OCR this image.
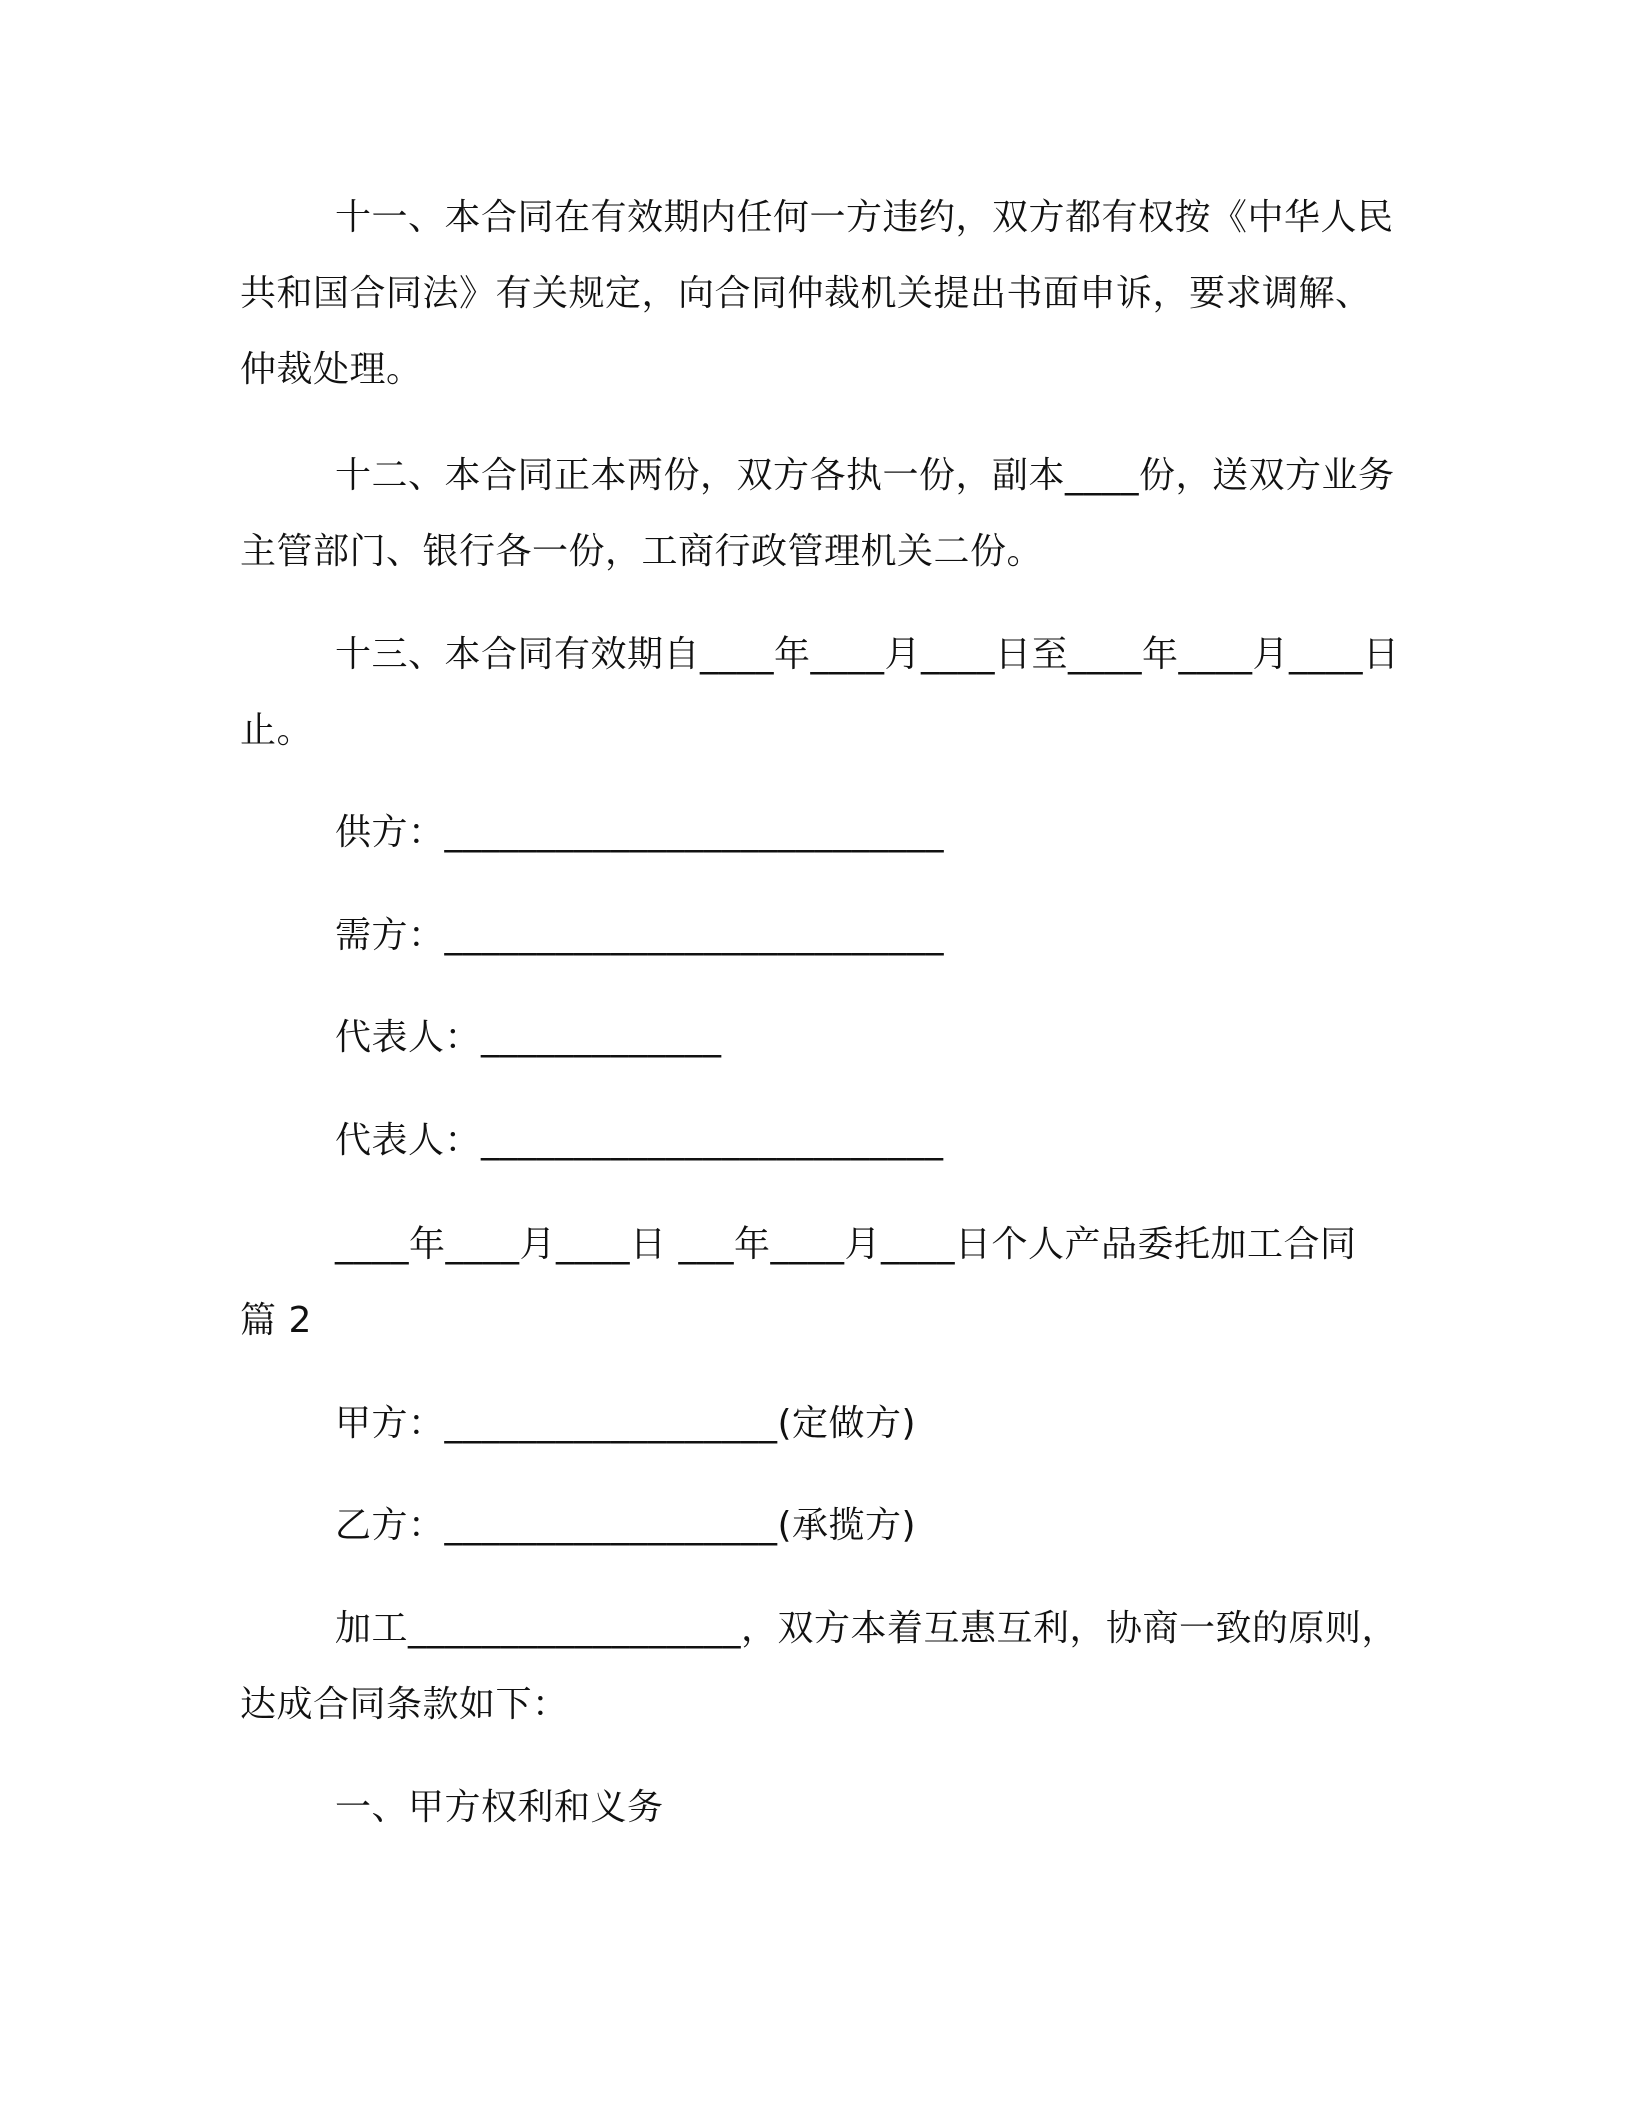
十一、本合同在有效期内任何一方违约，双方都有权按《中华人民共和国合同法》有关规定，向合同仲裁机关提出书面申诉，要求调解、仲裁处理。

十二、本合同正本两份，双方各执一份，副本____份，送双方业务主管部门、银行各一份，工商行政管理机关二份。

十三、本合同有效期自____年____月____日至____年____月____日止。

供方：___________________________

需方：___________________________

代表人：_____________

代表人：_________________________

____年____月____日 ___年____月____日个人产品委托加工合同 篇 2

甲方：__________________(定做方)

乙方：__________________(承揽方)

加工__________________，双方本着互惠互利，协商一致的原则，达成合同条款如下：

一、甲方权利和义务
